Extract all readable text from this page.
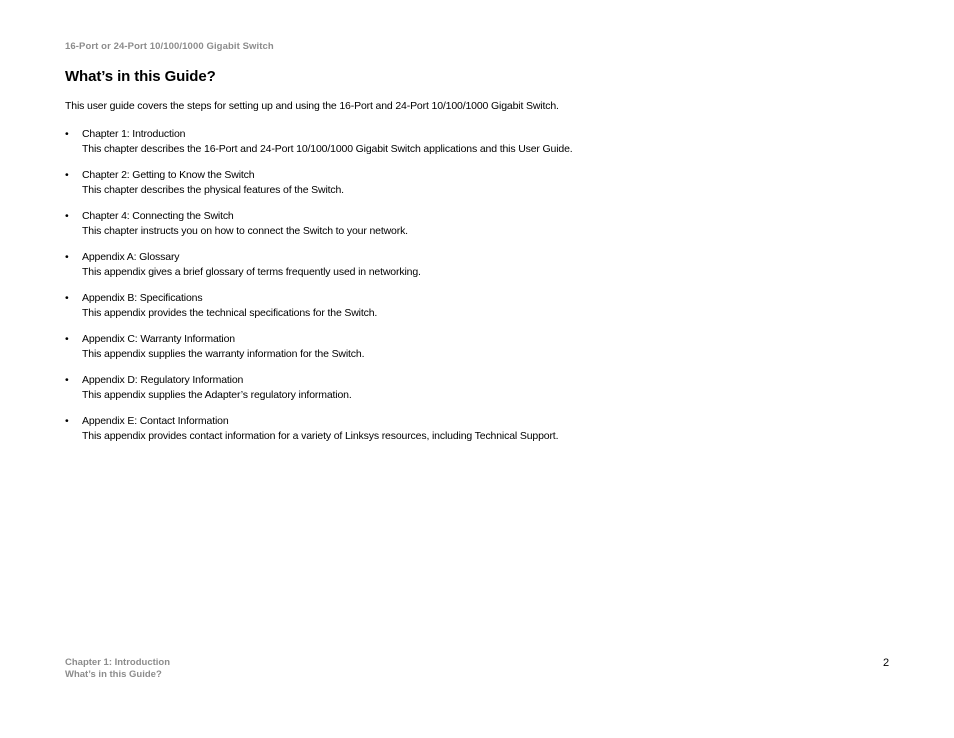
16-Port or 24-Port 10/100/1000 Gigabit Switch
What’s in this Guide?

This user guide covers the steps for setting up and using the 16-Port and 24-Port 10/100/1000 Gigabit Switch.

• Chapter 1: Introduction
This chapter describes the 16-Port and 24-Port 10/100/1000 Gigabit Switch applications and this User Guide.
• Chapter 2: Getting to Know the Switch
This chapter describes the physical features of the Switch.
• Chapter 4: Connecting the Switch
This chapter instructs you on how to connect the Switch to your network.
• Appendix A: Glossary
This appendix gives a brief glossary of terms frequently used in networking.
• Appendix B: Specifications
This appendix provides the technical specifications for the Switch.
• Appendix C: Warranty Information
This appendix supplies the warranty information for the Switch.
• Appendix D: Regulatory Information
This appendix supplies the Adapter’s regulatory information.
• Appendix E: Contact Information
This appendix provides contact information for a variety of Linksys resources, including Technical Support.
Chapter 1: Introduction
What’s in this Guide?
2
